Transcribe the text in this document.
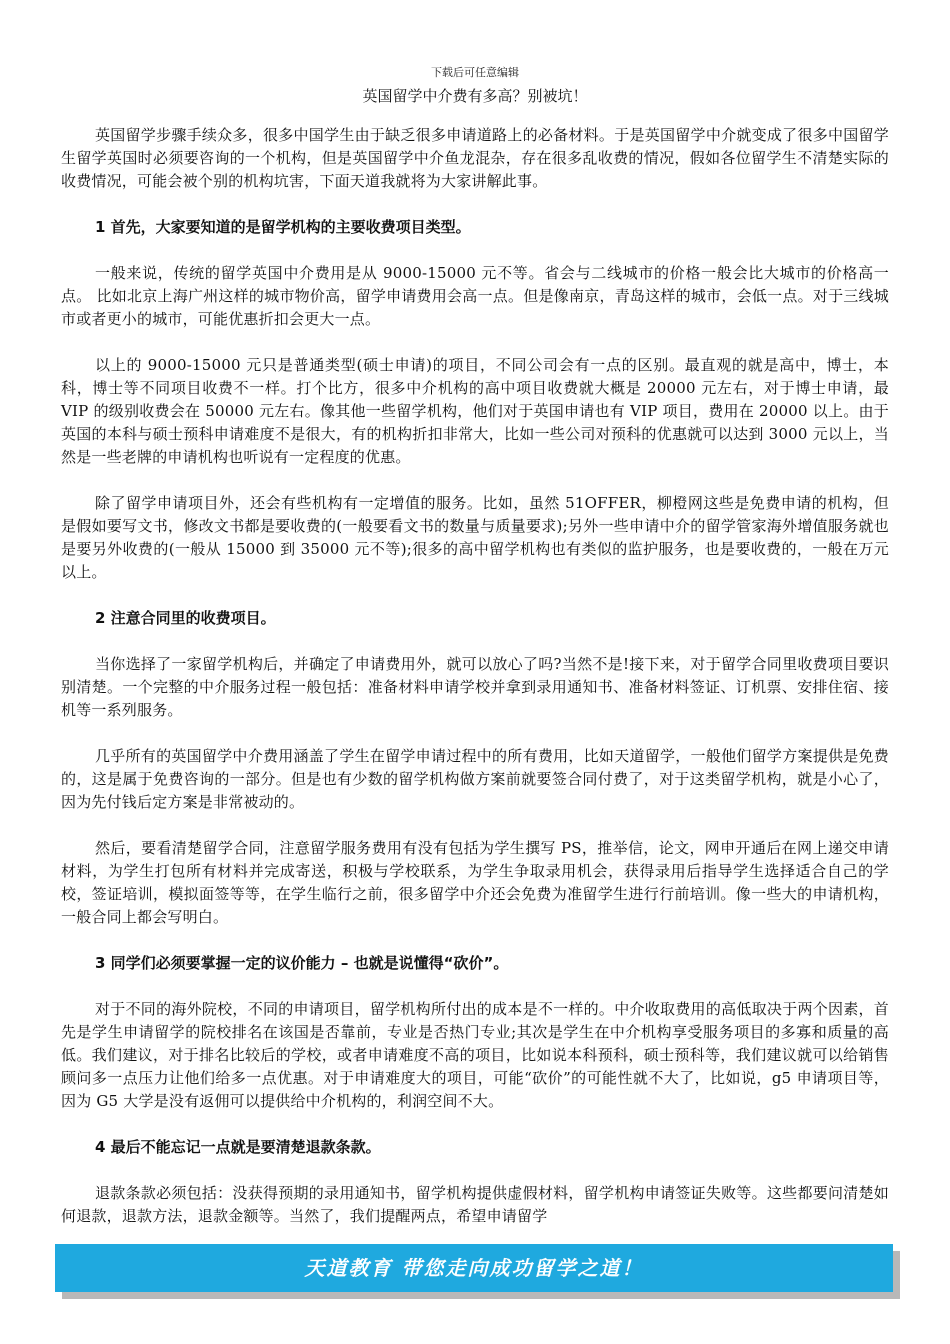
下载后可任意编辑
英国留学中介费有多高？别被坑！

英国留学步骤手续众多，很多中国学生由于缺乏很多申请道路上的必备材料。于是英国留学中介就变成了很多中国留学生留学英国时必须要咨询的一个机构，但是英国留学中介鱼龙混杂，存在很多乱收费的情况，假如各位留学生不清楚实际的收费情况，可能会被个别的机构坑害，下面天道我就将为大家讲解此事。

1 首先，大家要知道的是留学机构的主要收费项目类型。

一般来说，传统的留学英国中介费用是从 9000-15000 元不等。省会与二线城市的价格一般会比大城市的价格高一点。 比如北京上海广州这样的城市物价高，留学申请费用会高一点。但是像南京，青岛这样的城市，会低一点。对于三线城市或者更小的城市，可能优惠折扣会更大一点。

以上的 9000-15000 元只是普通类型(硕士申请)的项目，不同公司会有一点的区别。最直观的就是高中，博士，本科，博士等不同项目收费不一样。打个比方，很多中介机构的高中项目收费就大概是 20000 元左右，对于博士申请，最 VIP 的级别收费会在 50000 元左右。像其他一些留学机构，他们对于英国申请也有 VIP 项目，费用在 20000 以上。由于英国的本科与硕士预科申请难度不是很大，有的机构折扣非常大，比如一些公司对预科的优惠就可以达到 3000 元以上，当然是一些老牌的申请机构也听说有一定程度的优惠。

除了留学申请项目外，还会有些机构有一定增值的服务。比如，虽然 51OFFER，柳橙网这些是免费申请的机构，但是假如要写文书，修改文书都是要收费的(一般要看文书的数量与质量要求);另外一些申请中介的留学管家海外增值服务就也是要另外收费的(一般从 15000 到 35000 元不等);很多的高中留学机构也有类似的监护服务，也是要收费的，一般在万元以上。

2 注意合同里的收费项目。

当你选择了一家留学机构后，并确定了申请费用外，就可以放心了吗?当然不是!接下来，对于留学合同里收费项目要识别清楚。一个完整的中介服务过程一般包括：准备材料申请学校并拿到录用通知书、准备材料签证、订机票、安排住宿、接机等一系列服务。

几乎所有的英国留学中介费用涵盖了学生在留学申请过程中的所有费用，比如天道留学，一般他们留学方案提供是免费的，这是属于免费咨询的一部分。但是也有少数的留学机构做方案前就要签合同付费了，对于这类留学机构，就是小心了，因为先付钱后定方案是非常被动的。

然后，要看清楚留学合同，注意留学服务费用有没有包括为学生撰写 PS，推举信，论文，网申开通后在网上递交申请材料，为学生打包所有材料并完成寄送，积极与学校联系，为学生争取录用机会，获得录用后指导学生选择适合自己的学校，签证培训，模拟面签等等，在学生临行之前，很多留学中介还会免费为准留学生进行行前培训。像一些大的申请机构，一般合同上都会写明白。

3 同学们必须要掌握一定的议价能力 – 也就是说懂得“砍价”。

对于不同的海外院校，不同的申请项目，留学机构所付出的成本是不一样的。中介收取费用的高低取决于两个因素，首先是学生申请留学的院校排名在该国是否靠前，专业是否热门专业;其次是学生在中介机构享受服务项目的多寡和质量的高低。我们建议，对于排名比较后的学校，或者申请难度不高的项目，比如说本科预科，硕士预科等，我们建议就可以给销售顾问多一点压力让他们给多一点优惠。对于申请难度大的项目，可能“砍价”的可能性就不大了，比如说，g5 申请项目等，因为 G5 大学是没有返佣可以提供给中介机构的，利润空间不大。

4 最后不能忘记一点就是要清楚退款条款。

退款条款必须包括：没获得预期的录用通知书，留学机构提供虚假材料，留学机构申请签证失败等。这些都要问清楚如何退款，退款方法，退款金额等。当然了，我们提醒两点，希望申请留学

天道教育 带您走向成功留学之道！
